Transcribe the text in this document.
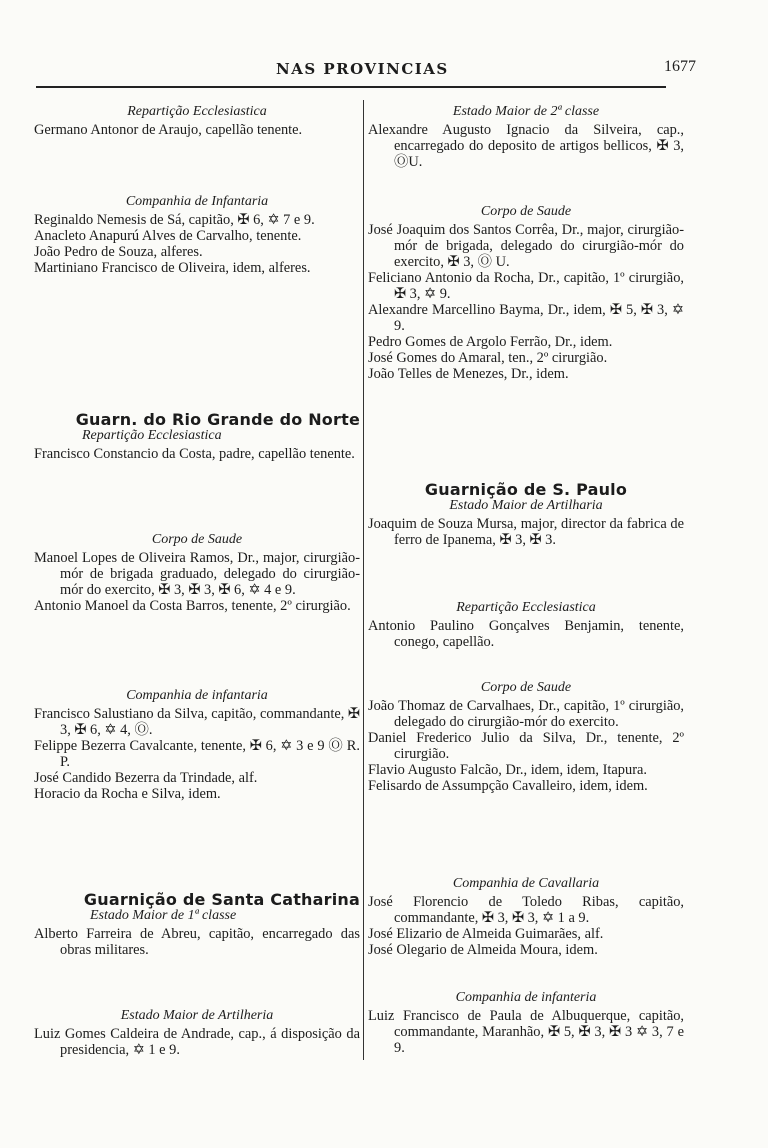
NAS PROVINCIAS	1677
Repartição Ecclesiastica
Germano Antonor de Araujo, capellão tenente.
Companhia de Infantaria
Reginaldo Nemesis de Sá, capitão, ✠ 6, ✡ 7 e 9.
Anacleto Anapurú Alves de Carvalho, tenente.
João Pedro de Souza, alferes.
Martiniano Francisco de Oliveira, idem, alferes.
Guarn. do Rio Grande do Norte
Repartição Ecclesiastica
Francisco Constancio da Costa, padre, capellão tenente.
Corpo de Saude
Manoel Lopes de Oliveira Ramos, Dr., major, cirurgião-mór de brigada graduado, delegado do cirurgião-mór do exercito, ✠ 3, ✠ 3, ✠ 6, ✡ 4 e 9.
Antonio Manoel da Costa Barros, tenente, 2º cirurgião.
Companhia de infantaria
Francisco Salustiano da Silva, capitão, commandante, ✠ 3, ✠ 6, ✡ 4, Ⓞ.
Felippe Bezerra Cavalcante, tenente, ✠ 6, ✡ 3 e 9 Ⓞ R. P.
José Candido Bezerra da Trindade, alf.
Horacio da Rocha e Silva, idem.
Guarnição de Santa Catharina
Estado Maior de 1ª classe
Alberto Farreira de Abreu, capitão, encarregado das obras militares.
Estado Maior de Artilheria
Luiz Gomes Caldeira de Andrade, cap., á disposição da presidencia, ✡ 1 e 9.
Estado Maior de 2ª classe
Alexandre Augusto Ignacio da Silveira, cap., encarregado do deposito de artigos bellicos, ✠ 3, ⓄU.
Corpo de Saude
José Joaquim dos Santos Corrêa, Dr., major, cirurgião-mór de brigada, delegado do cirurgião-mór do exercito, ✠ 3, Ⓞ U.
Feliciano Antonio da Rocha, Dr., capitão, 1º cirurgião, ✠ 3, ✡ 9.
Alexandre Marcellino Bayma, Dr., idem, ✠ 5, ✠ 3, ✡ 9.
Pedro Gomes de Argolo Ferrão, Dr., idem.
José Gomes do Amaral, ten., 2º cirurgião.
João Telles de Menezes, Dr., idem.
Guarnição de S. Paulo
Estado Maior de Artilharia
Joaquim de Souza Mursa, major, director da fabrica de ferro de Ipanema, ✠ 3, ✠ 3.
Repartição Ecclesiastica
Antonio Paulino Gonçalves Benjamin, tenente, conego, capellão.
Corpo de Saude
João Thomaz de Carvalhaes, Dr., capitão, 1º cirurgião, delegado do cirurgião-mór do exercito.
Daniel Frederico Julio da Silva, Dr., tenente, 2º cirurgião.
Flavio Augusto Falcão, Dr., idem, idem, Itapura.
Felisardo de Assumpção Cavalleiro, idem, idem.
Companhia de Cavallaria
José Florencio de Toledo Ribas, capitão, commandante, ✠ 3, ✠ 3, ✡ 1 a 9.
José Elizario de Almeida Guimarães, alf.
José Olegario de Almeida Moura, idem.
Companhia de infanteria
Luiz Francisco de Paula de Albuquerque, capitão, commandante, Maranhão, ✠ 5, ✠ 3, ✠ 3 ✡ 3, 7 e 9.
